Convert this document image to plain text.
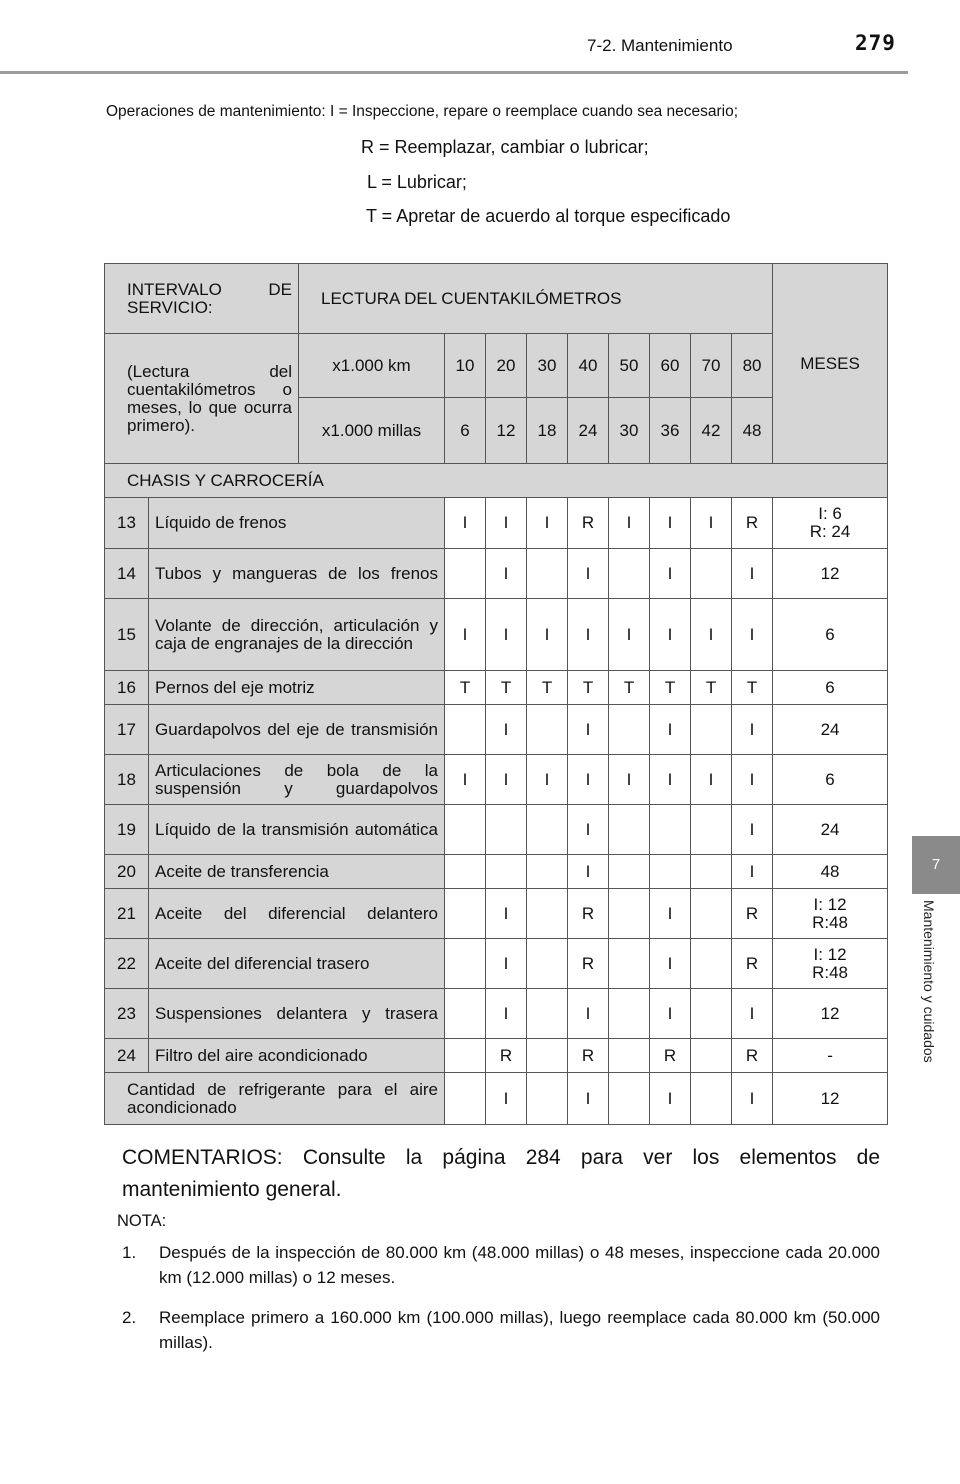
7-2. Mantenimiento	279
7
Mantenimiento y cuidados
Operaciones de mantenimiento: I = Inspeccione, repare o reemplace cuando sea necesario;
R = Reemplazar, cambiar o lubricar;
L = Lubricar;
T = Apretar de acuerdo al torque especificado
INTERVALO DE SERVICIO:		LECTURA DEL CUENTAKILÓMETROS									MESES
(Lectura del cuentakilómetros o meses, lo que ocurra primero).		x1.000 km	10	20	30	40	50	60	70	80	
		x1.000 millas	6	12	18	24	30	36	42	48	
CHASIS Y CARROCERÍA											
13	Líquido de frenos		I	I	I	R	I	I	I	R	I: 6
R: 24
14	Tubos y mangueras de los frenos			I		I		I		I	12
15	Volante de dirección, articulación y caja de engranajes de la dirección		I	I	I	I	I	I	I	I	6
16	Pernos del eje motriz		T	T	T	T	T	T	T	T	6
17	Guardapolvos del eje de transmisión			I		I		I		I	24
18	Articulaciones de bola de la suspensión y guardapolvos		I	I	I	I	I	I	I	I	6
19	Líquido de la transmisión automática					I				I	24
20	Aceite de transferencia					I				I	48
21	Aceite del diferencial delantero			I		R		I		R	I: 12
R:48
22	Aceite del diferencial trasero			I		R		I		R	I: 12
R:48
23	Suspensiones delantera y trasera			I		I		I		I	12
24	Filtro del aire acondicionado			R		R		R		R	-
Cantidad de refrigerante para el aire acondicionado				I		I		I		I	12
COMENTARIOS: Consulte la página 284 para ver los elementos de mantenimiento general.
NOTA:
1. Después de la inspección de 80.000 km (48.000 millas) o 48 meses, inspeccione cada 20.000 km (12.000 millas) o 12 meses.
2. Reemplace primero a 160.000 km (100.000 millas), luego reemplace cada 80.000 km (50.000 millas).
